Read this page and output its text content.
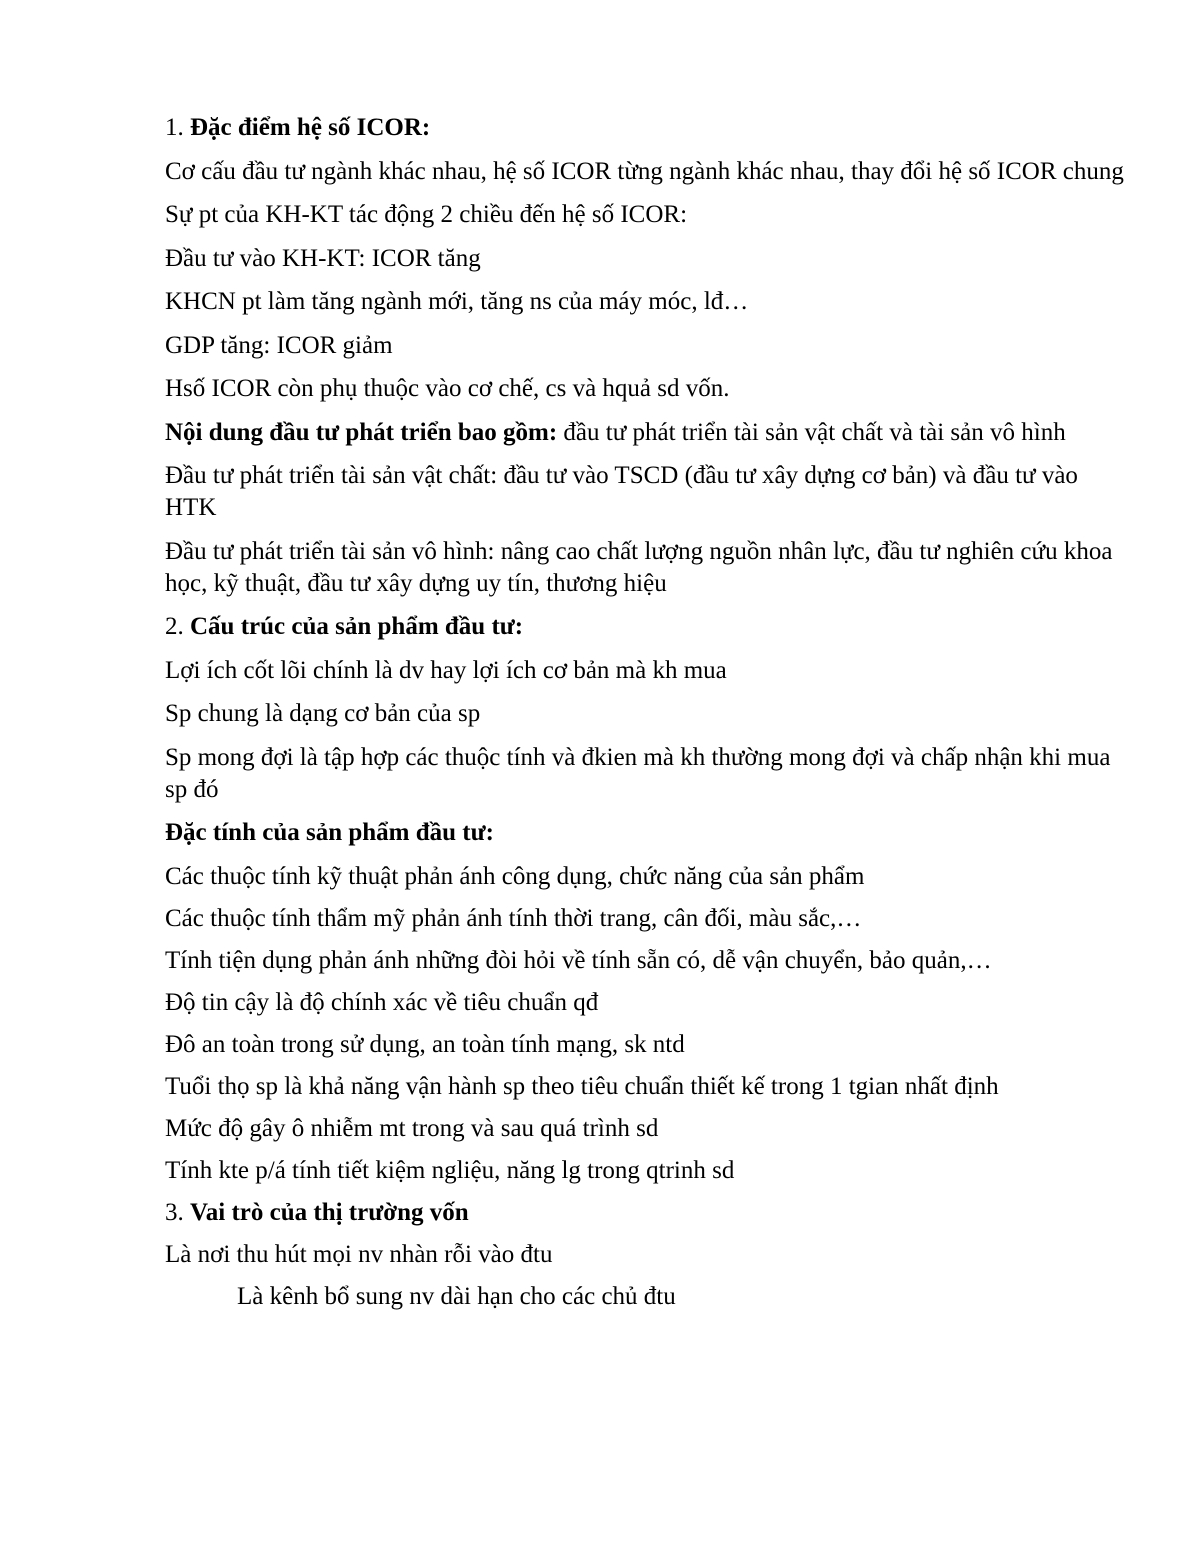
1. Đặc điểm hệ số ICOR:

Cơ cấu đầu tư ngành khác nhau, hệ số ICOR từng ngành khác nhau, thay đổi hệ số ICOR chung

Sự pt của KH-KT tác động 2 chiều đến hệ số ICOR:

Đầu tư vào KH-KT: ICOR tăng

KHCN pt làm tăng ngành mới, tăng ns của máy móc, lđ…

GDP tăng: ICOR giảm

Hsố ICOR còn phụ thuộc vào cơ chế, cs và hquả sd vốn.

Nội dung đầu tư phát triển bao gồm: đầu tư phát triển tài sản vật chất và tài sản vô hình

Đầu tư phát triển tài sản vật chất: đầu tư vào TSCD (đầu tư xây dựng cơ bản) và đầu tư vào HTK

Đầu tư phát triển tài sản vô hình: nâng cao chất lượng nguồn nhân lực, đầu tư nghiên cứu khoa học, kỹ thuật, đầu tư xây dựng uy tín, thương hiệu

2. Cấu trúc của sản phẩm đầu tư:

Lợi ích cốt lõi chính là dv hay lợi ích cơ bản mà kh mua

Sp chung là dạng cơ bản của sp

Sp mong đợi là tập hợp các thuộc tính và đkien mà kh thường mong đợi và chấp nhận khi mua sp đó

Đặc tính của sản phẩm đầu tư:

Các thuộc tính kỹ thuật phản ánh công dụng, chức năng của sản phẩm

Các thuộc tính thẩm mỹ phản ánh tính thời trang, cân đối, màu sắc,…

Tính tiện dụng phản ánh những đòi hỏi về tính sẵn có, dễ vận chuyển, bảo quản,…

Độ tin cậy là độ chính xác về tiêu chuẩn qđ

Đô an toàn trong sử dụng, an toàn tính mạng, sk ntd

Tuổi thọ sp là khả năng vận hành sp theo tiêu chuẩn thiết kế trong 1 tgian nhất định

Mức độ gây ô nhiễm mt trong và sau quá trình sd

Tính kte p/á tính tiết kiệm ngliệu, năng lg trong qtrinh sd

3. Vai trò của thị trường vốn

Là nơi thu hút mọi nv nhàn rỗi vào đtu

Là kênh bổ sung nv dài hạn cho các chủ đtu
